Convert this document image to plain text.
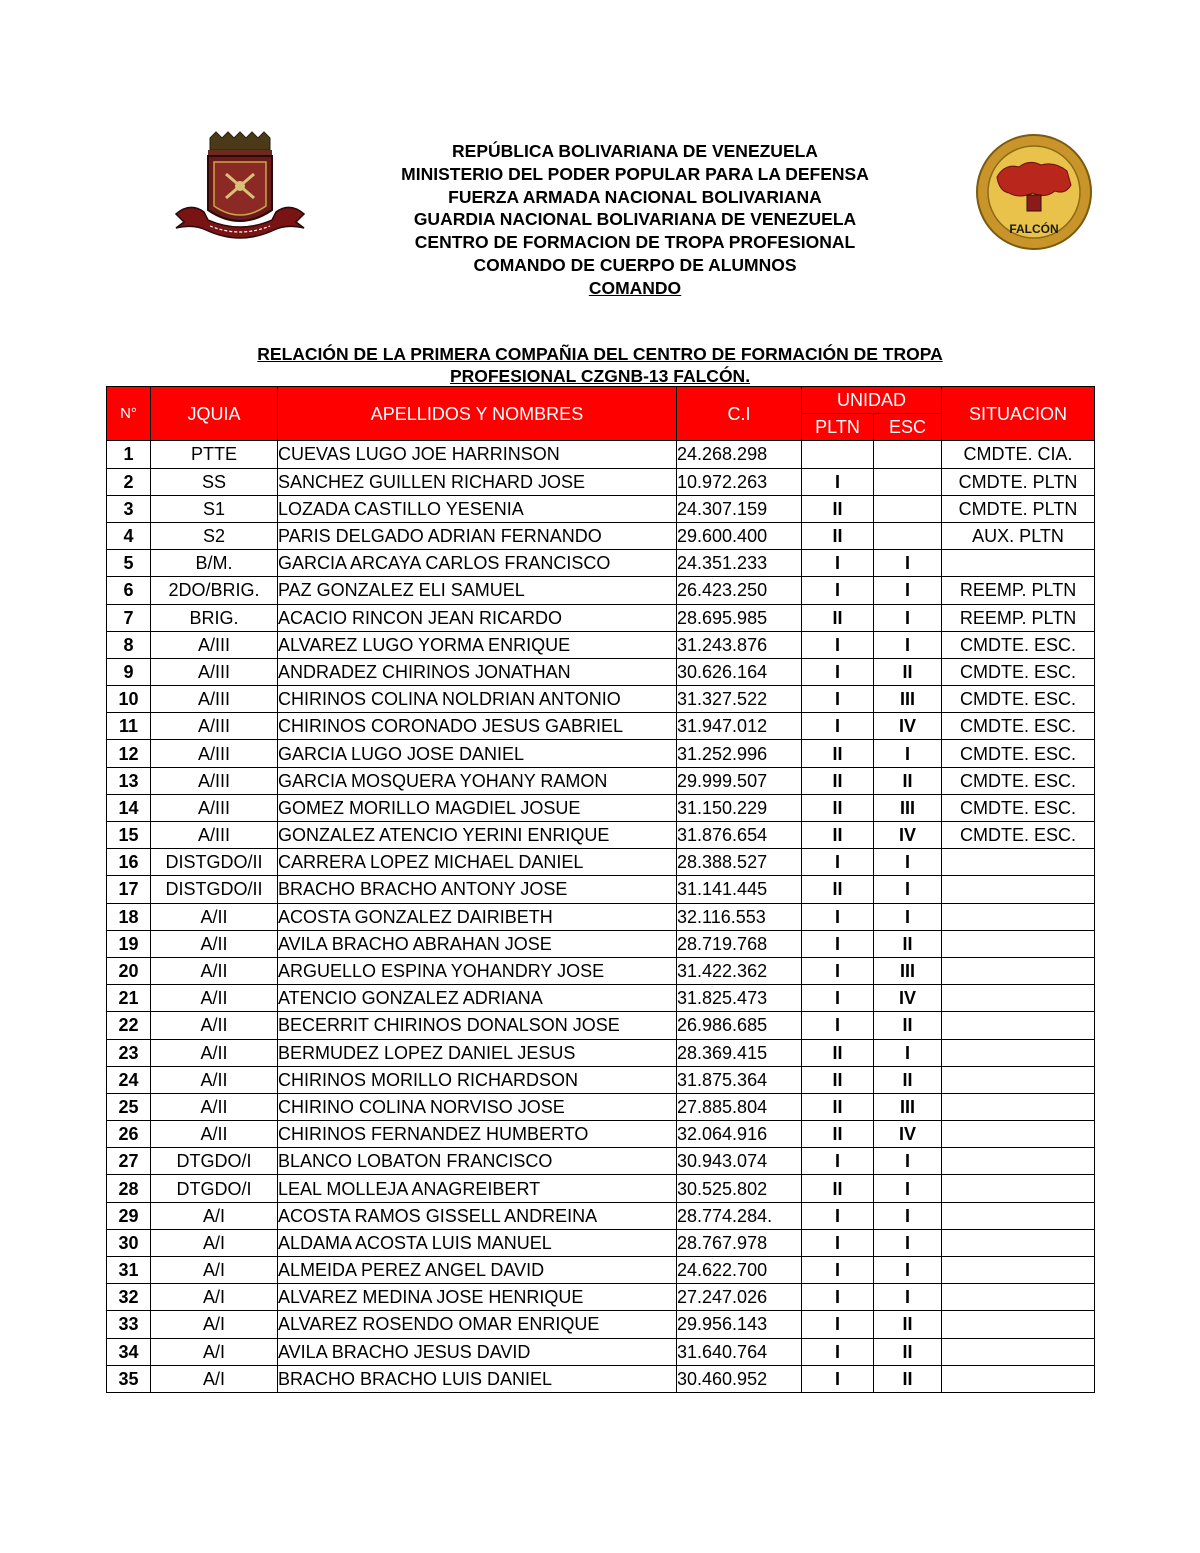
REPÚBLICA BOLIVARIANA DE VENEZUELA
MINISTERIO DEL PODER POPULAR PARA LA DEFENSA
FUERZA ARMADA NACIONAL BOLIVARIANA
GUARDIA NACIONAL BOLIVARIANA DE VENEZUELA
CENTRO DE FORMACION DE TROPA PROFESIONAL
COMANDO DE CUERPO DE ALUMNOS
COMANDO
FALCÓN
RELACIÓN DE LA PRIMERA COMPAÑIA DEL CENTRO DE FORMACIÓN DE TROPA
PROFESIONAL CZGNB-13 FALCÓN.
N°	JQUIA	APELLIDOS Y NOMBRES	C.I	UNIDAD		SITUACION
				PLTN	ESC	
1	PTTE	CUEVAS LUGO JOE HARRINSON	24.268.298			CMDTE. CIA.
2	SS	SANCHEZ GUILLEN RICHARD JOSE	10.972.263	I		CMDTE. PLTN
3	S1	LOZADA CASTILLO YESENIA	24.307.159	II		CMDTE. PLTN
4	S2	PARIS DELGADO ADRIAN FERNANDO	29.600.400	II		AUX. PLTN
5	B/M.	GARCIA ARCAYA CARLOS FRANCISCO	24.351.233	I	I	
6	2DO/BRIG.	PAZ GONZALEZ ELI SAMUEL	26.423.250	I	I	REEMP. PLTN
7	BRIG.	ACACIO RINCON JEAN RICARDO	28.695.985	II	I	REEMP. PLTN
8	A/III	ALVAREZ LUGO YORMA ENRIQUE	31.243.876	I	I	CMDTE. ESC.
9	A/III	ANDRADEZ CHIRINOS JONATHAN	30.626.164	I	II	CMDTE. ESC.
10	A/III	CHIRINOS COLINA NOLDRIAN ANTONIO	31.327.522	I	III	CMDTE. ESC.
11	A/III	CHIRINOS CORONADO JESUS GABRIEL	31.947.012	I	IV	CMDTE. ESC.
12	A/III	GARCIA LUGO JOSE DANIEL	31.252.996	II	I	CMDTE. ESC.
13	A/III	GARCIA MOSQUERA YOHANY RAMON	29.999.507	II	II	CMDTE. ESC.
14	A/III	GOMEZ MORILLO MAGDIEL JOSUE	31.150.229	II	III	CMDTE. ESC.
15	A/III	GONZALEZ ATENCIO YERINI ENRIQUE	31.876.654	II	IV	CMDTE. ESC.
16	DISTGDO/II	CARRERA LOPEZ MICHAEL DANIEL	28.388.527	I	I	
17	DISTGDO/II	BRACHO BRACHO ANTONY JOSE	31.141.445	II	I	
18	A/II	ACOSTA GONZALEZ DAIRIBETH	32.116.553	I	I	
19	A/II	AVILA BRACHO ABRAHAN JOSE	28.719.768	I	II	
20	A/II	ARGUELLO ESPINA YOHANDRY JOSE	31.422.362	I	III	
21	A/II	ATENCIO GONZALEZ ADRIANA	31.825.473	I	IV	
22	A/II	BECERRIT CHIRINOS DONALSON JOSE	26.986.685	I	II	
23	A/II	BERMUDEZ LOPEZ DANIEL JESUS	28.369.415	II	I	
24	A/II	CHIRINOS MORILLO RICHARDSON	31.875.364	II	II	
25	A/II	CHIRINO COLINA NORVISO JOSE	27.885.804	II	III	
26	A/II	CHIRINOS FERNANDEZ HUMBERTO	32.064.916	II	IV	
27	DTGDO/I	BLANCO LOBATON FRANCISCO	30.943.074	I	I	
28	DTGDO/I	LEAL MOLLEJA ANAGREIBERT	30.525.802	II	I	
29	A/I	ACOSTA RAMOS GISSELL ANDREINA	28.774.284.	I	I	
30	A/I	ALDAMA ACOSTA LUIS MANUEL	28.767.978	I	I	
31	A/I	ALMEIDA PEREZ ANGEL DAVID	24.622.700	I	I	
32	A/I	ALVAREZ MEDINA JOSE HENRIQUE	27.247.026	I	I	
33	A/I	ALVAREZ ROSENDO OMAR ENRIQUE	29.956.143	I	II	
34	A/I	AVILA BRACHO JESUS DAVID	31.640.764	I	II	
35	A/I	BRACHO BRACHO LUIS DANIEL	30.460.952	I	II	
